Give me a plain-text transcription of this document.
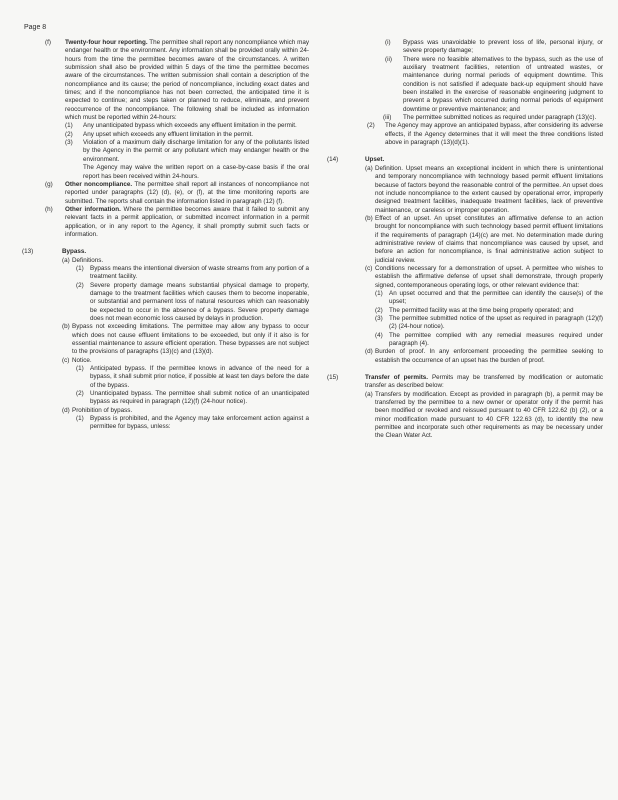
Page 8
(f) Twenty-four hour reporting. The permittee shall report any noncompliance which may endanger health or the environment. Any information shall be provided orally within 24-hours from the time the permittee becomes aware of the circumstances. A written submission shall also be provided within 5 days of the time the permittee becomes aware of the circumstances. The written submission shall contain a description of the noncompliance and its cause; the period of noncompliance, including exact dates and times; and if the noncompliance has not been corrected, the anticipated time it is expected to continue; and steps taken or planned to reduce, eliminate, and prevent reoccurrence of the noncompliance. The following shall be included as information which must be reported within 24-hours:
(1) Any unanticipated bypass which exceeds any effluent limitation in the permit.
(2) Any upset which exceeds any effluent limitation in the permit.
(3) Violation of a maximum daily discharge limitation for any of the pollutants listed by the Agency in the permit or any pollutant which may endanger health or the environment.
The Agency may waive the written report on a case-by-case basis if the oral report has been received within 24-hours.
(g) Other noncompliance. The permittee shall report all instances of noncompliance not reported under paragraphs (12) (d), (e), or (f), at the time monitoring reports are submitted. The reports shall contain the information listed in paragraph (12) (f).
(h) Other information. Where the permittee becomes aware that it failed to submit any relevant facts in a permit application, or submitted incorrect information in a permit application, or in any report to the Agency, it shall promptly submit such facts or information.
(13)	Bypass.
(a) Definitions.
(1) Bypass means the intentional diversion of waste streams from any portion of a treatment facility.
(2) Severe property damage means substantial physical damage to property, damage to the treatment facilities which causes them to become inoperable, or substantial and permanent loss of natural resources which can reasonably be expected to occur in the absence of a bypass. Severe property damage does not mean economic loss caused by delays in production.
(b) Bypass not exceeding limitations. The permittee may allow any bypass to occur which does not cause effluent limitations to be exceeded, but only if it also is for essential maintenance to assure efficient operation. These bypasses are not subject to the provisions of paragraphs (13)(c) and (13)(d).
(c) Notice.
(1) Anticipated bypass. If the permittee knows in advance of the need for a bypass, it shall submit prior notice, if possible at least ten days before the date of the bypass.
(2) Unanticipated bypass. The permittee shall submit notice of an unanticipated bypass as required in paragraph (12)(f) (24-hour notice).
(d) Prohibition of bypass.
(1) Bypass is prohibited, and the Agency may take enforcement action against a permittee for bypass, unless:
(i) Bypass was unavoidable to prevent loss of life, personal injury, or severe property damage;
(ii) There were no feasible alternatives to the bypass, such as the use of auxiliary treatment facilities, retention of untreated wastes, or maintenance during normal periods of equipment downtime. This condition is not satisfied if adequate back-up equipment should have been installed in the exercise of reasonable engineering judgment to prevent a bypass which occurred during normal periods of equipment downtime or preventive maintenance; and
(iii) The permittee submitted notices as required under paragraph (13)(c).
(2) The Agency may approve an anticipated bypass, after considering its adverse effects, if the Agency determines that it will meet the three conditions listed above in paragraph (13)(d)(1).
(14)	Upset.
(a) Definition. Upset means an exceptional incident in which there is unintentional and temporary noncompliance with technology based permit effluent limitations because of factors beyond the reasonable control of the permittee. An upset does not include noncompliance to the extent caused by operational error, improperly designed treatment facilities, inadequate treatment facilities, lack of preventive maintenance, or careless or improper operation.
(b) Effect of an upset. An upset constitutes an affirmative defense to an action brought for noncompliance with such technology based permit effluent limitations if the requirements of paragraph (14)(c) are met. No determination made during administrative review of claims that noncompliance was caused by upset, and before an action for noncompliance, is final administrative action subject to judicial review.
(c) Conditions necessary for a demonstration of upset. A permittee who wishes to establish the affirmative defense of upset shall demonstrate, through properly signed, contemporaneous operating logs, or other relevant evidence that:
(1) An upset occurred and that the permittee can identify the cause(s) of the upset;
(2) The permitted facility was at the time being properly operated; and
(3) The permittee submitted notice of the upset as required in paragraph (12)(f)(2) (24-hour notice).
(4) The permittee complied with any remedial measures required under paragraph (4).
(d) Burden of proof. In any enforcement proceeding the permittee seeking to establish the occurrence of an upset has the burden of proof.
(15)	Transfer of permits. Permits may be transferred by modification or automatic transfer as described below:
(a) Transfers by modification. Except as provided in paragraph (b), a permit may be transferred by the permittee to a new owner or operator only if the permit has been modified or revoked and reissued pursuant to 40 CFR 122.62 (b) (2), or a minor modification made pursuant to 40 CFR 122.63 (d), to identify the new permittee and incorporate such other requirements as may be necessary under the Clean Water Act.
